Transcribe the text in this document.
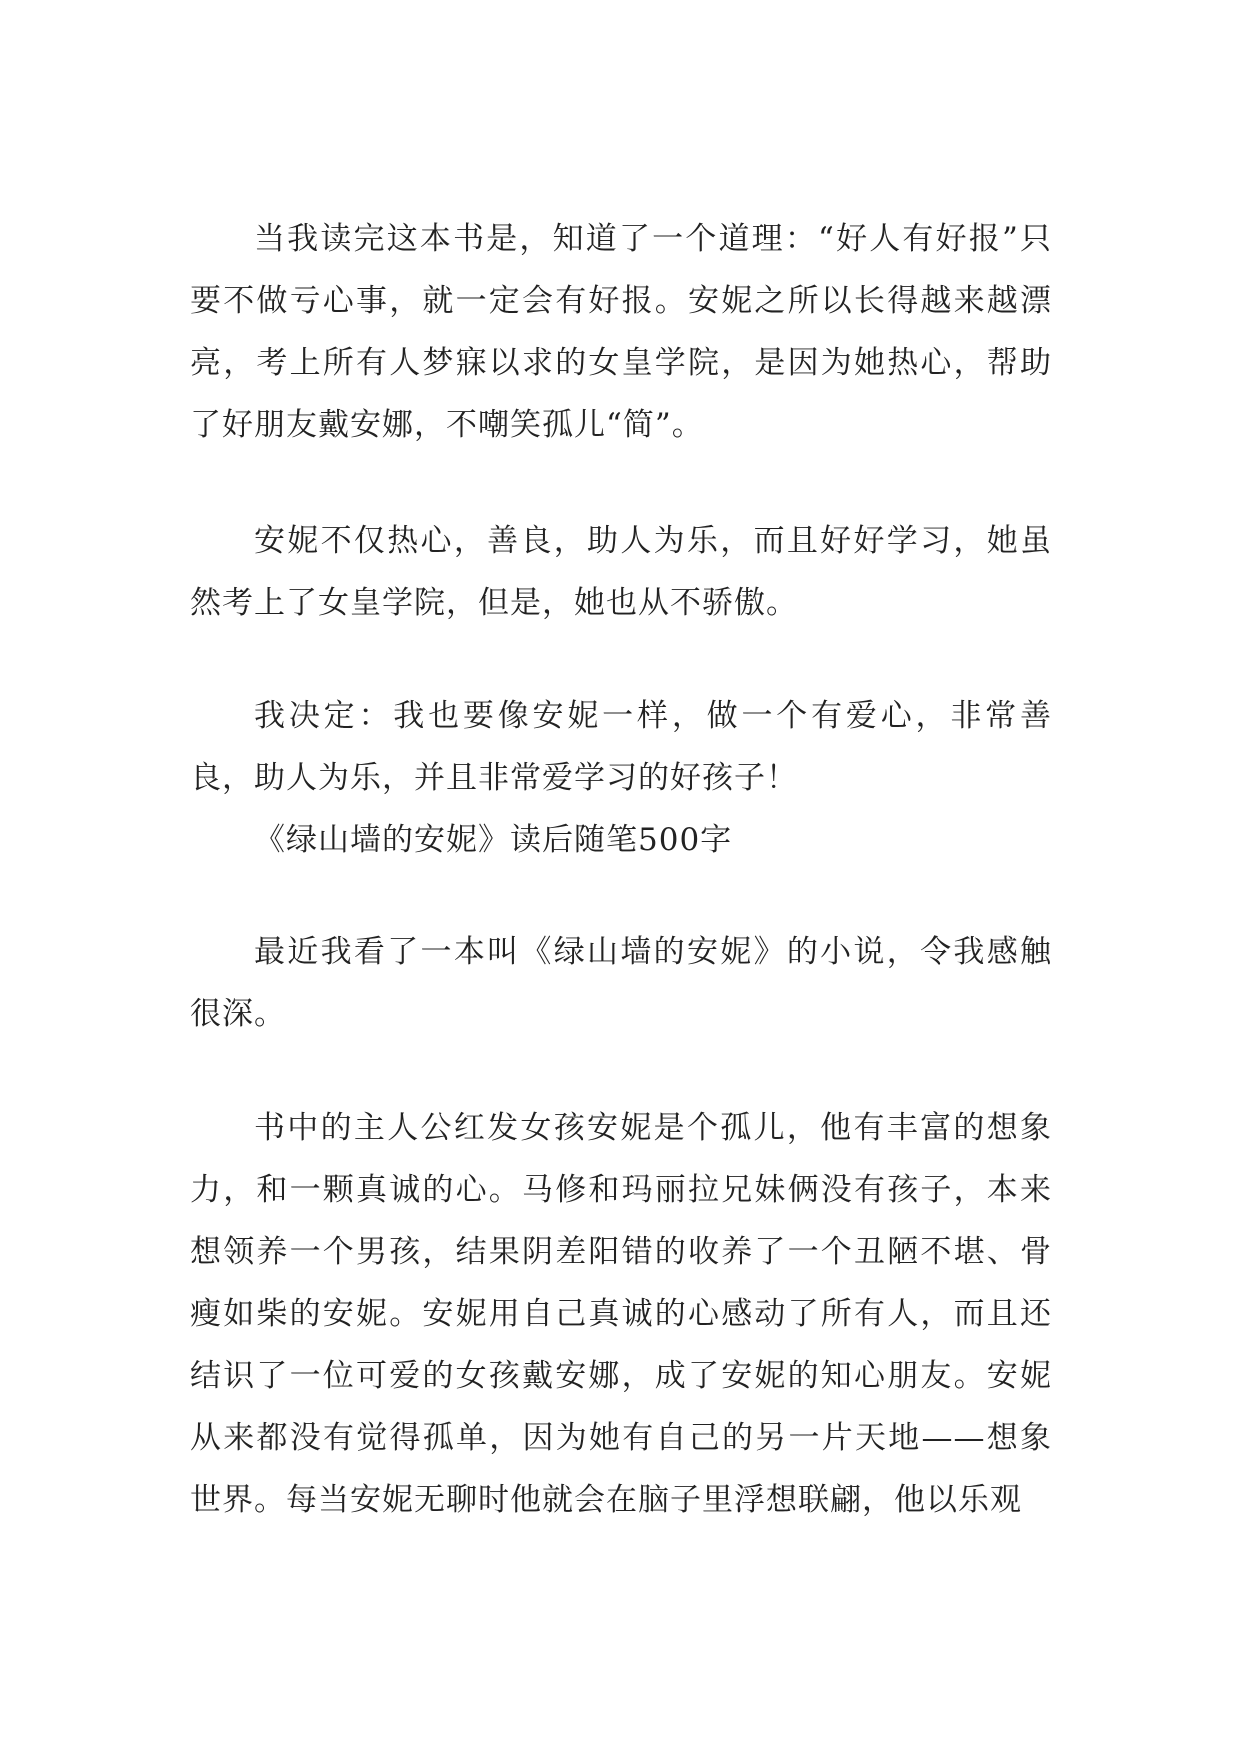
当我读完这本书是，知道了一个道理：“好人有好报”只要不做亏心事，就一定会有好报。安妮之所以长得越来越漂亮，考上所有人梦寐以求的女皇学院，是因为她热心，帮助了好朋友戴安娜，不嘲笑孤儿“简”。

安妮不仅热心，善良，助人为乐，而且好好学习，她虽然考上了女皇学院，但是，她也从不骄傲。

我决定：我也要像安妮一样，做一个有爱心，非常善良，助人为乐，并且非常爱学习的好孩子！

《绿山墙的安妮》读后随笔500字

最近我看了一本叫《绿山墙的安妮》的小说，令我感触很深。

书中的主人公红发女孩安妮是个孤儿，他有丰富的想象力，和一颗真诚的心。马修和玛丽拉兄妹俩没有孩子，本来想领养一个男孩，结果阴差阳错的收养了一个丑陋不堪、骨瘦如柴的安妮。安妮用自己真诚的心感动了所有人，而且还结识了一位可爱的女孩戴安娜，成了安妮的知心朋友。安妮从来都没有觉得孤单，因为她有自己的另一片天地——想象世界。每当安妮无聊时他就会在脑子里浮想联翩，他以乐观
